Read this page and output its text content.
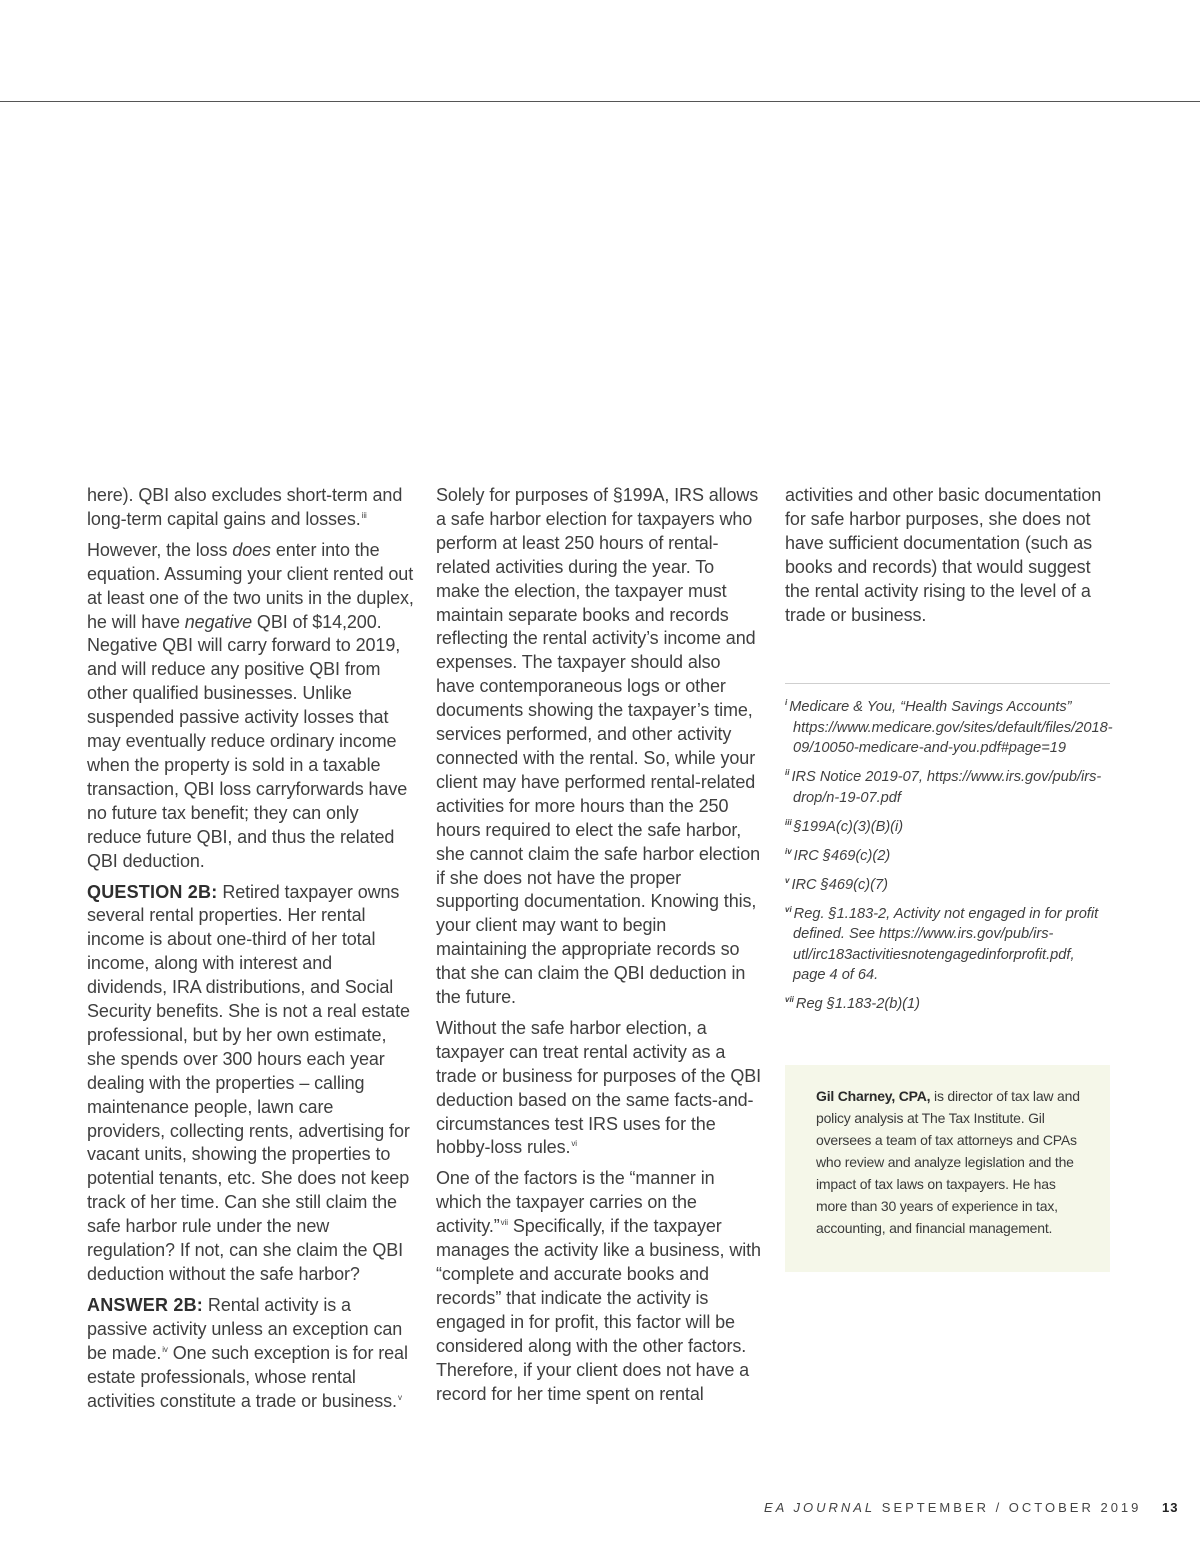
here). QBI also excludes short-term and long-term capital gains and losses.$^{iii}$

However, the loss does enter into the equation. Assuming your client rented out at least one of the two units in the duplex, he will have negative QBI of $14,200. Negative QBI will carry forward to 2019, and will reduce any positive QBI from other qualified businesses. Unlike suspended passive activity losses that may eventually reduce ordinary income when the property is sold in a taxable transaction, QBI loss carryforwards have no future tax benefit; they can only reduce future QBI, and thus the related QBI deduction.

QUESTION 2B: Retired taxpayer owns several rental properties. Her rental income is about one-third of her total income, along with interest and dividends, IRA distributions, and Social Security benefits. She is not a real estate professional, but by her own estimate, she spends over 300 hours each year dealing with the properties – calling maintenance people, lawn care providers, collecting rents, advertising for vacant units, showing the properties to potential tenants, etc. She does not keep track of her time. Can she still claim the safe harbor rule under the new regulation? If not, can she claim the QBI deduction without the safe harbor?

ANSWER 2B: Rental activity is a passive activity unless an exception can be made.$^{iv}$ One such exception is for real estate professionals, whose rental activities constitute a trade or business.$^v$

Solely for purposes of §199A, IRS allows a safe harbor election for taxpayers who perform at least 250 hours of rental-related activities during the year. To make the election, the taxpayer must maintain separate books and records reflecting the rental activity’s income and expenses. The taxpayer should also have contemporaneous logs or other documents showing the taxpayer’s time, services performed, and other activity connected with the rental. So, while your client may have performed rental-related activities for more hours than the 250 hours required to elect the safe harbor, she cannot claim the safe harbor election if she does not have the proper supporting documentation. Knowing this, your client may want to begin maintaining the appropriate records so that she can claim the QBI deduction in the future.

Without the safe harbor election, a taxpayer can treat rental activity as a trade or business for purposes of the QBI deduction based on the same facts-and-circumstances test IRS uses for the hobby-loss rules.$^{vi}$

One of the factors is the “manner in which the taxpayer carries on the activity.”$^{vii}$ Specifically, if the taxpayer manages the activity like a business, with “complete and accurate books and records” that indicate the activity is engaged in for profit, this factor will be considered along with the other factors. Therefore, if your client does not have a record for her time spent on rental

activities and other basic documentation for safe harbor purposes, she does not have sufficient documentation (such as books and records) that would suggest the rental activity rising to the level of a trade or business.

$^i$ Medicare & You, “Health Savings Accounts” https://www.medicare.gov/sites/default/files/2018-09/10050-medicare-and-you.pdf#page=19

$^{ii}$ IRS Notice 2019-07, https://www.irs.gov/pub/irs-drop/n-19-07.pdf

$^{iii}$ §199A(c)(3)(B)(i)

$^{iv}$ IRC §469(c)(2)

$^v$ IRC §469(c)(7)

$^{vi}$ Reg. §1.183-2, Activity not engaged in for profit defined. See https://www.irs.gov/pub/irs-utl/irc183activitiesnotengagedinforprofit.pdf, page 4 of 64.

$^{vii}$ Reg §1.183-2(b)(1)

Gil Charney, CPA, is director of tax law and policy analysis at The Tax Institute. Gil oversees a team of tax attorneys and CPAs who review and analyze legislation and the impact of tax laws on taxpayers. He has more than 30 years of experience in tax, accounting, and financial management.
EA JOURNAL SEPTEMBER / OCTOBER 2019 13
